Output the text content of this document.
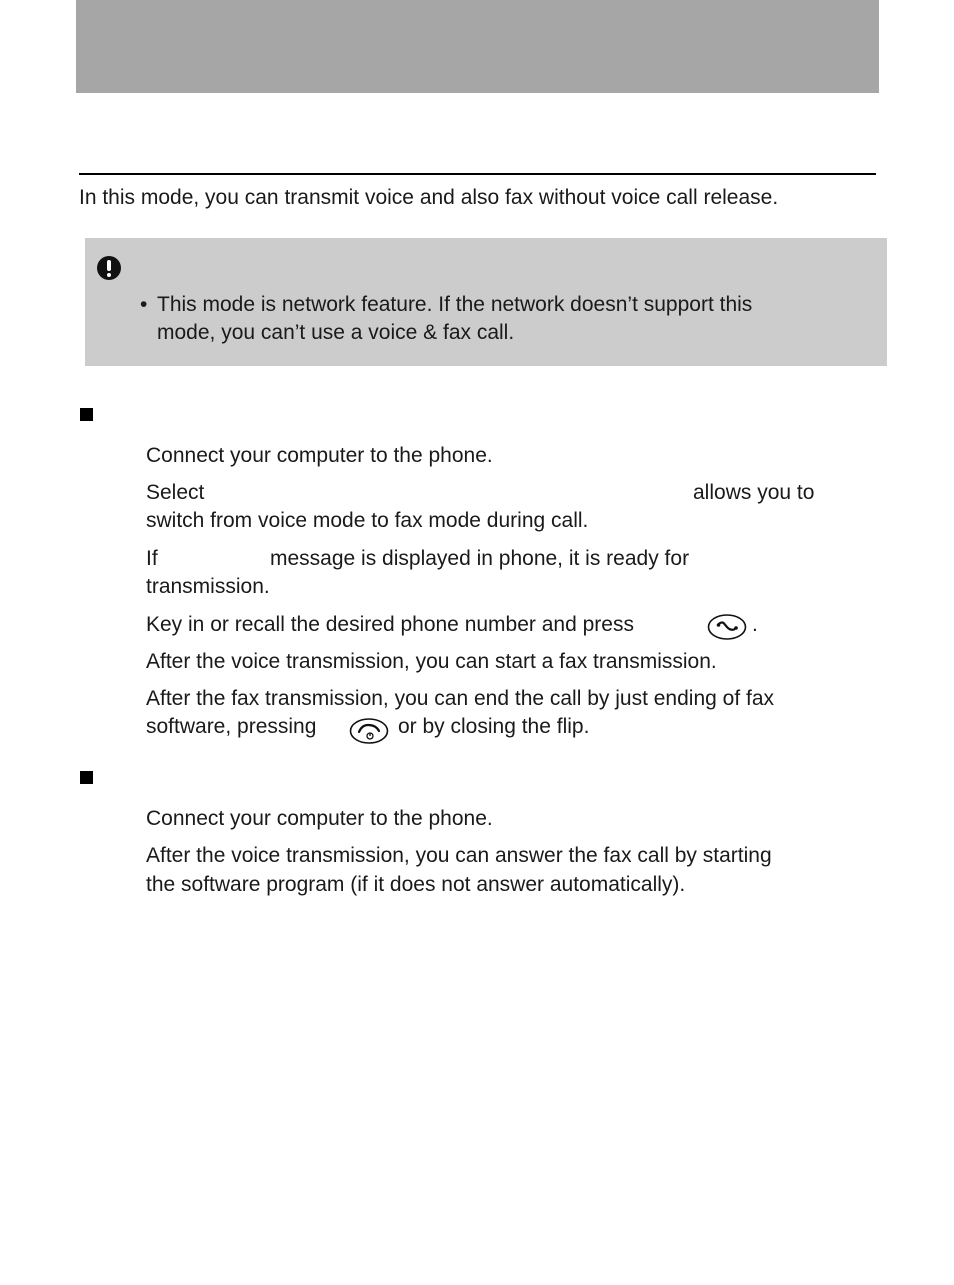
In this mode, you can transmit voice and also fax without voice call release.
• This mode is network feature. If the network doesn’t support this
mode, you can’t use a voice & fax call.
Connect your computer to the phone.
Select	allows you to
switch from voice mode to fax mode during call.
If	message is displayed in phone, it is ready for
transmission.
Key in or recall the desired phone number and press	.
After the voice transmission, you can start a fax transmission.
After the fax transmission, you can end the call by just ending of fax
software, pressing	or by closing the flip.
Connect your computer to the phone.
After the voice transmission, you can answer the fax call by starting
the software program (if it does not answer automatically).
